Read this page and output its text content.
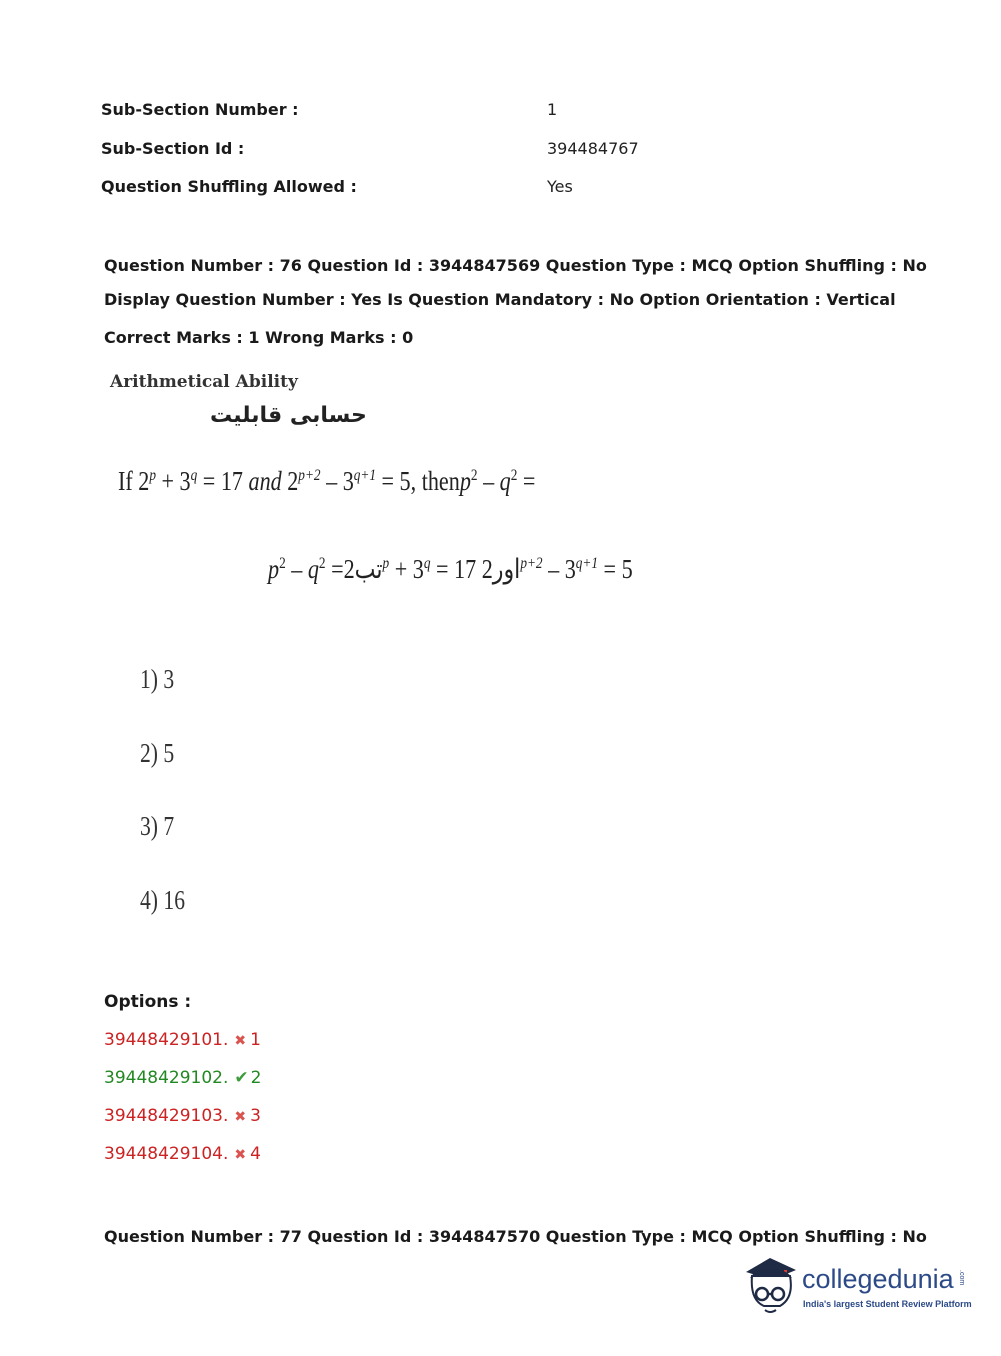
Sub-Section Number :	1
Sub-Section Id :	394484767
Question Shuffling Allowed :	Yes
Question Number : 76 Question Id : 3944847569 Question Type : MCQ Option Shuffling : No
Display Question Number : Yes Is Question Mandatory : No Option Orientation : Vertical
Correct Marks : 1 Wrong Marks : 0
Arithmetical Ability
حسابی قابلیت
If $2^p + 3^q = 17$ and $2^{p+2} - 3^{q+1} = 5$, thenp$^2$ – $q^2$ =
$p^2 - q^2$ =تب2 $^p + 3^q = 17$ اور2 $^{p+2} - 3^{q+1} = 5$
1) 3
2) 5
3) 7
4) 16
Options :
39448429101. ✖ 1
39448429102. ✔ 2
39448429103. ✖ 3
39448429104. ✖ 4
Question Number : 77 Question Id : 3944847570 Question Type : MCQ Option Shuffling : No
collegedunia .com
India's largest Student Review Platform
